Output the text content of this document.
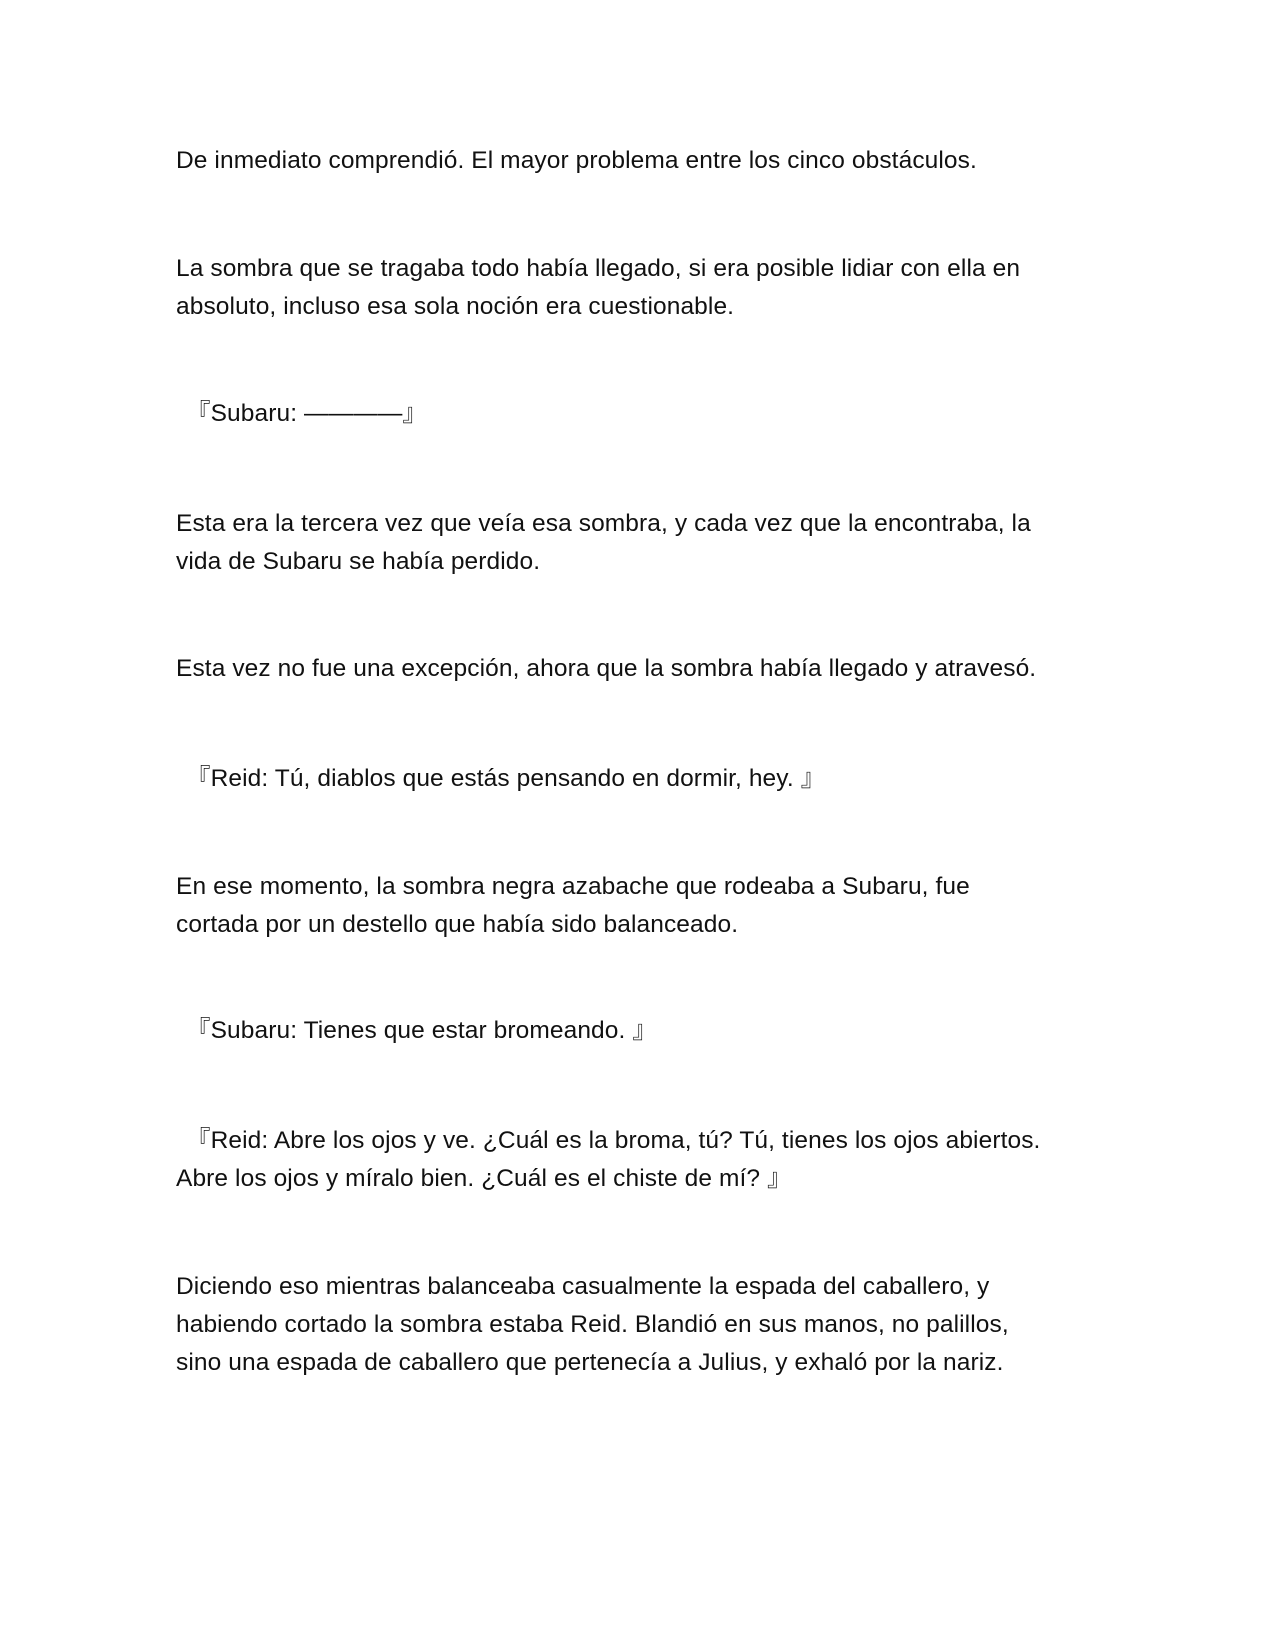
De inmediato comprendió. El mayor problema entre los cinco obstáculos.

La sombra que se tragaba todo había llegado, si era posible lidiar con ella en
absoluto, incluso esa sola noción era cuestionable.

『Subaru: ————』

Esta era la tercera vez que veía esa sombra, y cada vez que la encontraba, la
vida de Subaru se había perdido.

Esta vez no fue una excepción, ahora que la sombra había llegado y atravesó.

『Reid: Tú, diablos que estás pensando en dormir, hey. 』

En ese momento, la sombra negra azabache que rodeaba a Subaru, fue
cortada por un destello que había sido balanceado.

『Subaru: Tienes que estar bromeando. 』

『Reid: Abre los ojos y ve. ¿Cuál es la broma, tú? Tú, tienes los ojos abiertos.
Abre los ojos y míralo bien. ¿Cuál es el chiste de mí? 』

Diciendo eso mientras balanceaba casualmente la espada del caballero, y
habiendo cortado la sombra estaba Reid. Blandió en sus manos, no palillos,
sino una espada de caballero que pertenecía a Julius, y exhaló por la nariz.
